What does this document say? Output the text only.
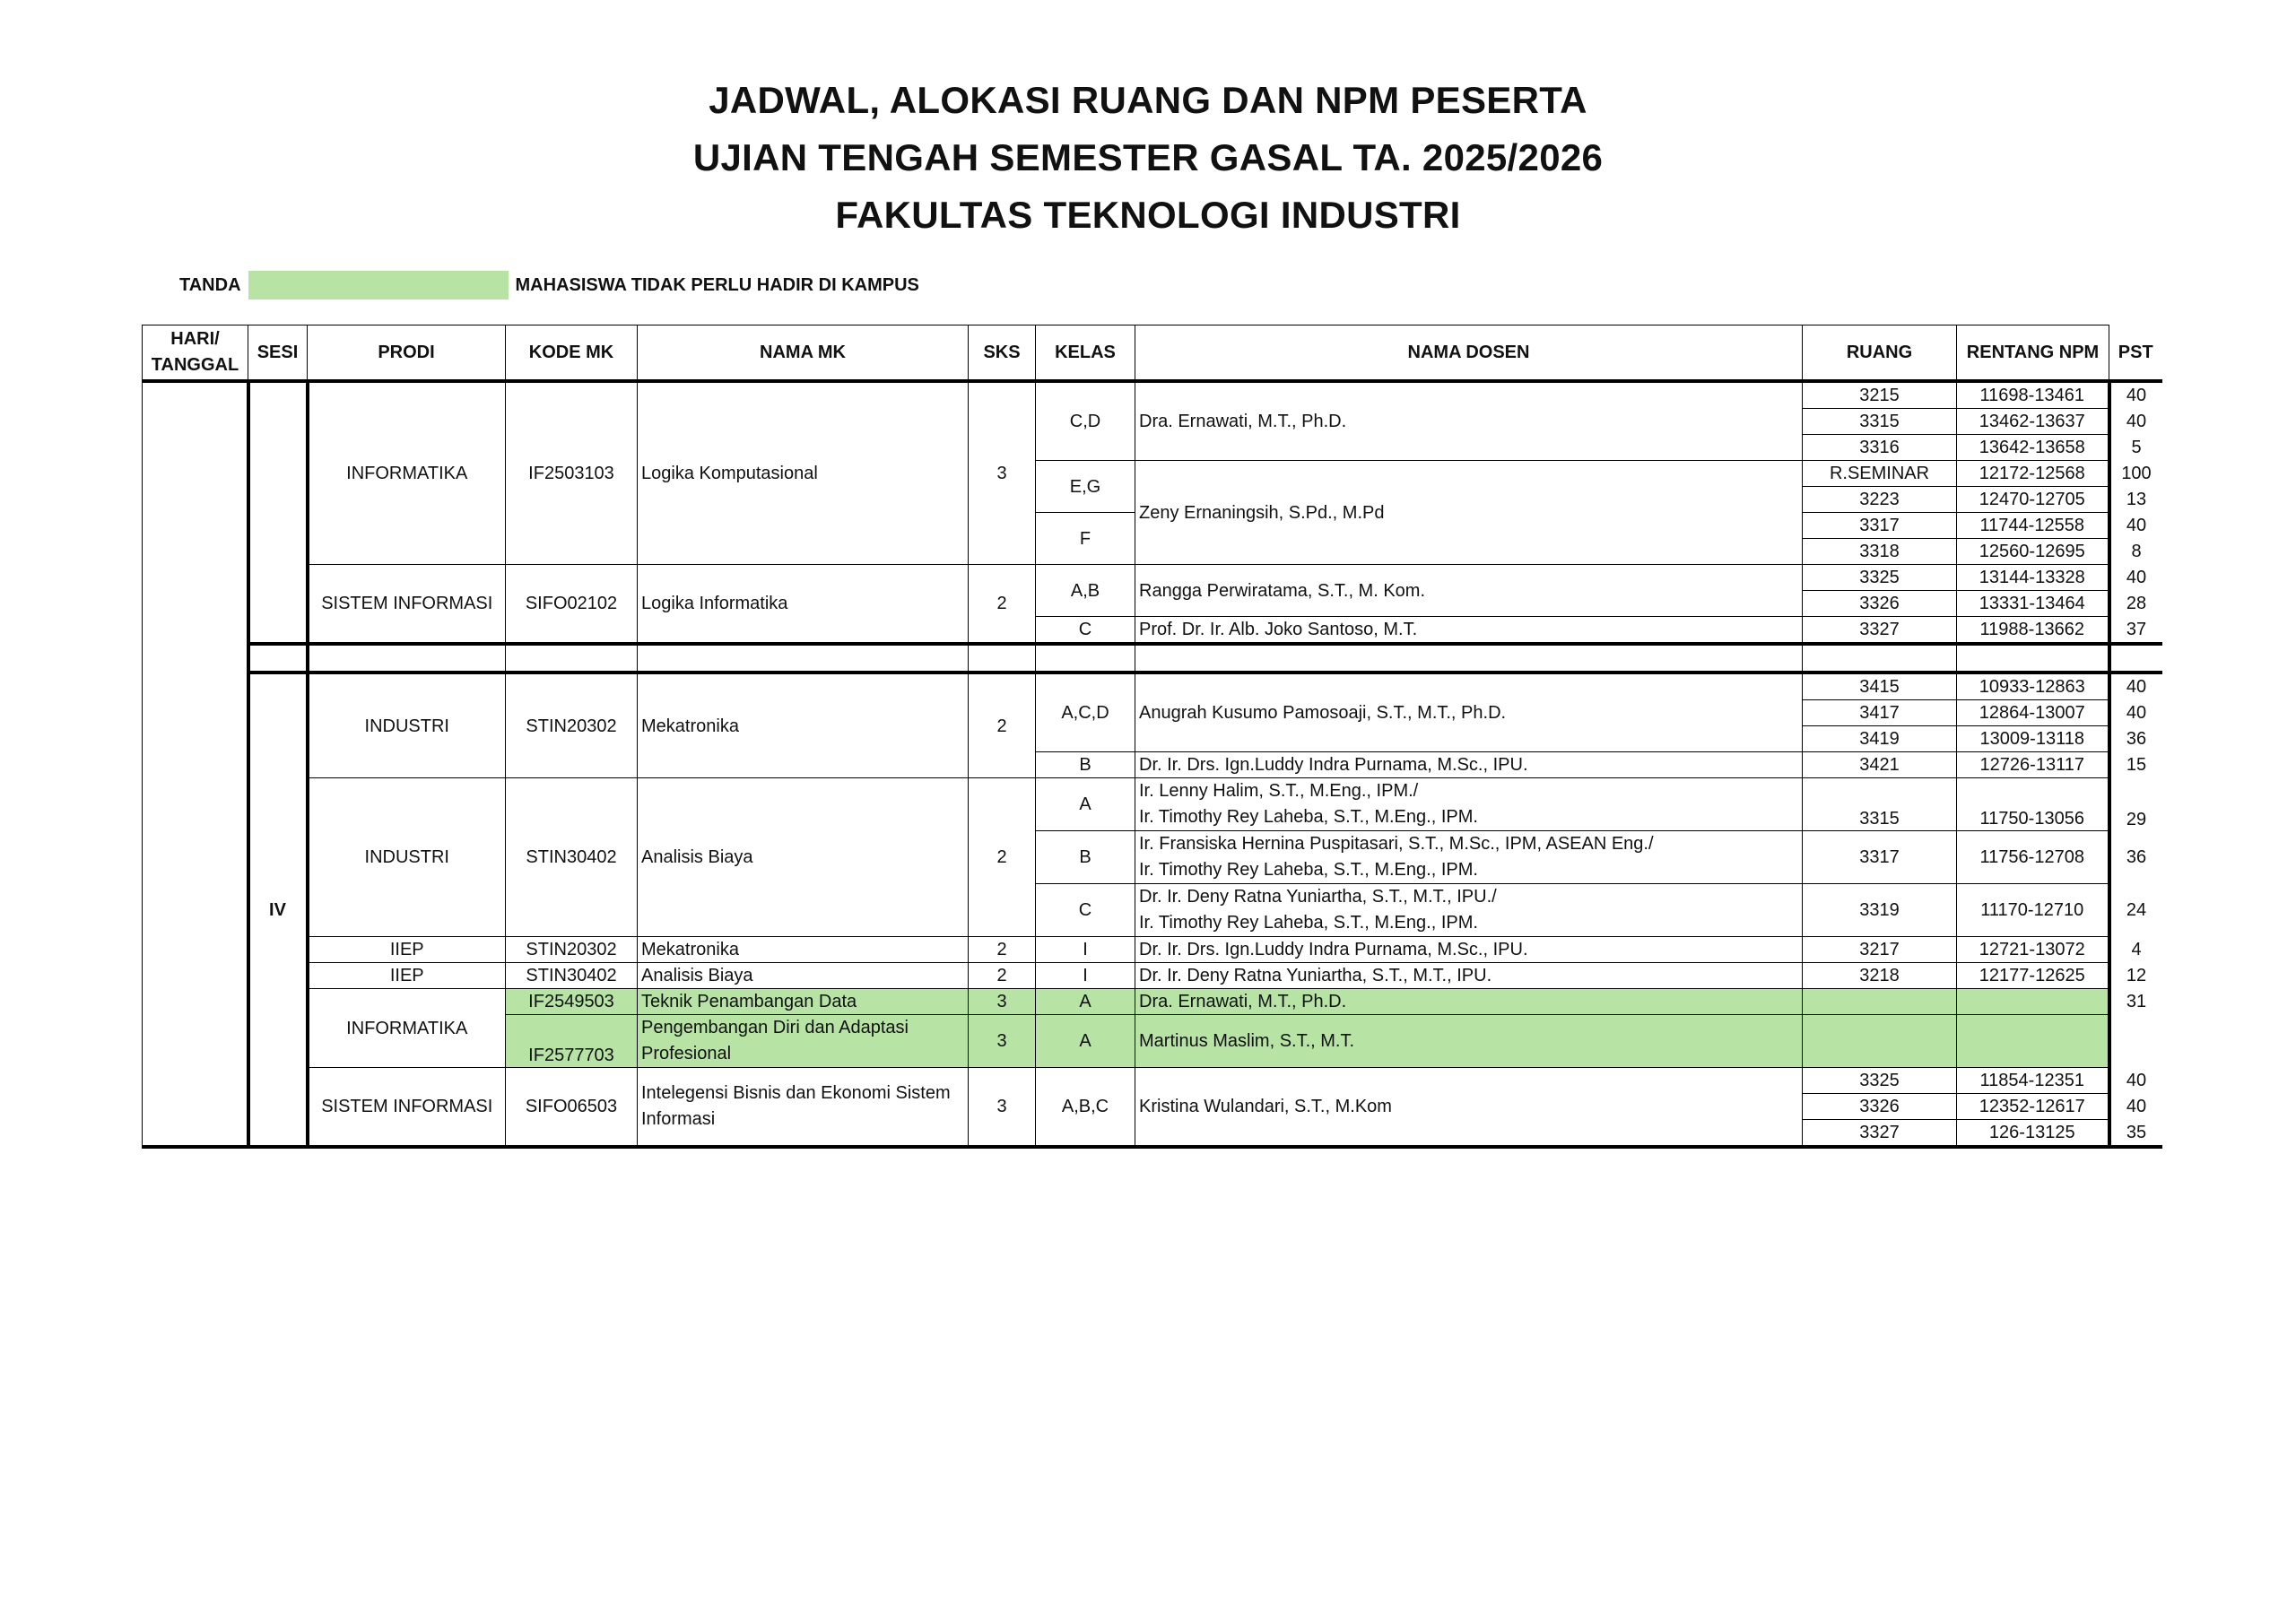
JADWAL, ALOKASI RUANG DAN NPM PESERTA
UJIAN TENGAH SEMESTER GASAL TA. 2025/2026
FAKULTAS TEKNOLOGI INDUSTRI
TANDA	MAHASISWA TIDAK PERLU HADIR DI KAMPUS
HARI/ TANGGAL	SESI	PRODI	KODE MK	NAMA MK	SKS	KELAS	NAMA DOSEN	RUANG	RENTANG NPM	PST
		INFORMATIKA	IF2503103	Logika Komputasional	3	C,D	Dra. Ernawati, M.T., Ph.D.	3215	11698-13461	40
								3315	13462-13637	40
								3316	13642-13658	5
						E,G	Zeny Ernaningsih, S.Pd., M.Pd	R.SEMINAR	12172-12568	100
								3223	12470-12705	13
						F		3317	11744-12558	40
								3318	12560-12695	8
		SISTEM INFORMASI	SIFO02102	Logika Informatika	2	A,B	Rangga Perwiratama, S.T., M. Kom.	3325	13144-13328	40
								3326	13331-13464	28
						C	Prof. Dr. Ir. Alb. Joko Santoso, M.T.	3327	11988-13662	37

	IV	INDUSTRI	STIN20302	Mekatronika	2	A,C,D	Anugrah Kusumo Pamosoaji, S.T., M.T., Ph.D.	3415	10933-12863	40
								3417	12864-13007	40
								3419	13009-13118	36
						B	Dr. Ir. Drs. Ign.Luddy Indra Purnama, M.Sc., IPU.	3421	12726-13117	15
		INDUSTRI	STIN30402	Analisis Biaya	2	A	Ir. Lenny Halim, S.T., M.Eng., IPM./
Ir. Timothy Rey Laheba, S.T., M.Eng., IPM.	3315	11750-13056	29
						B	Ir. Fransiska Hernina Puspitasari, S.T., M.Sc., IPM, ASEAN Eng./
Ir. Timothy Rey Laheba, S.T., M.Eng., IPM.	3317	11756-12708	36
						C	Dr. Ir. Deny Ratna Yuniartha, S.T., M.T., IPU./
Ir. Timothy Rey Laheba, S.T., M.Eng., IPM.	3319	11170-12710	24
		IIEP	STIN20302	Mekatronika	2	I	Dr. Ir. Drs. Ign.Luddy Indra Purnama, M.Sc., IPU.	3217	12721-13072	4
		IIEP	STIN30402	Analisis Biaya	2	I	Dr. Ir. Deny Ratna Yuniartha, S.T., M.T., IPU.	3218	12177-12625	12
		INFORMATIKA	IF2549503	Teknik Penambangan Data	3	A	Dra. Ernawati, M.T., Ph.D.			31
			IF2577703	Pengembangan Diri dan Adaptasi Profesional	3	A	Martinus Maslim, S.T., M.T.			
		SISTEM INFORMASI	SIFO06503	Intelegensi Bisnis dan Ekonomi Sistem Informasi	3	A,B,C	Kristina Wulandari, S.T., M.Kom	3325	11854-12351	40
								3326	12352-12617	40
								3327	126-13125	35
